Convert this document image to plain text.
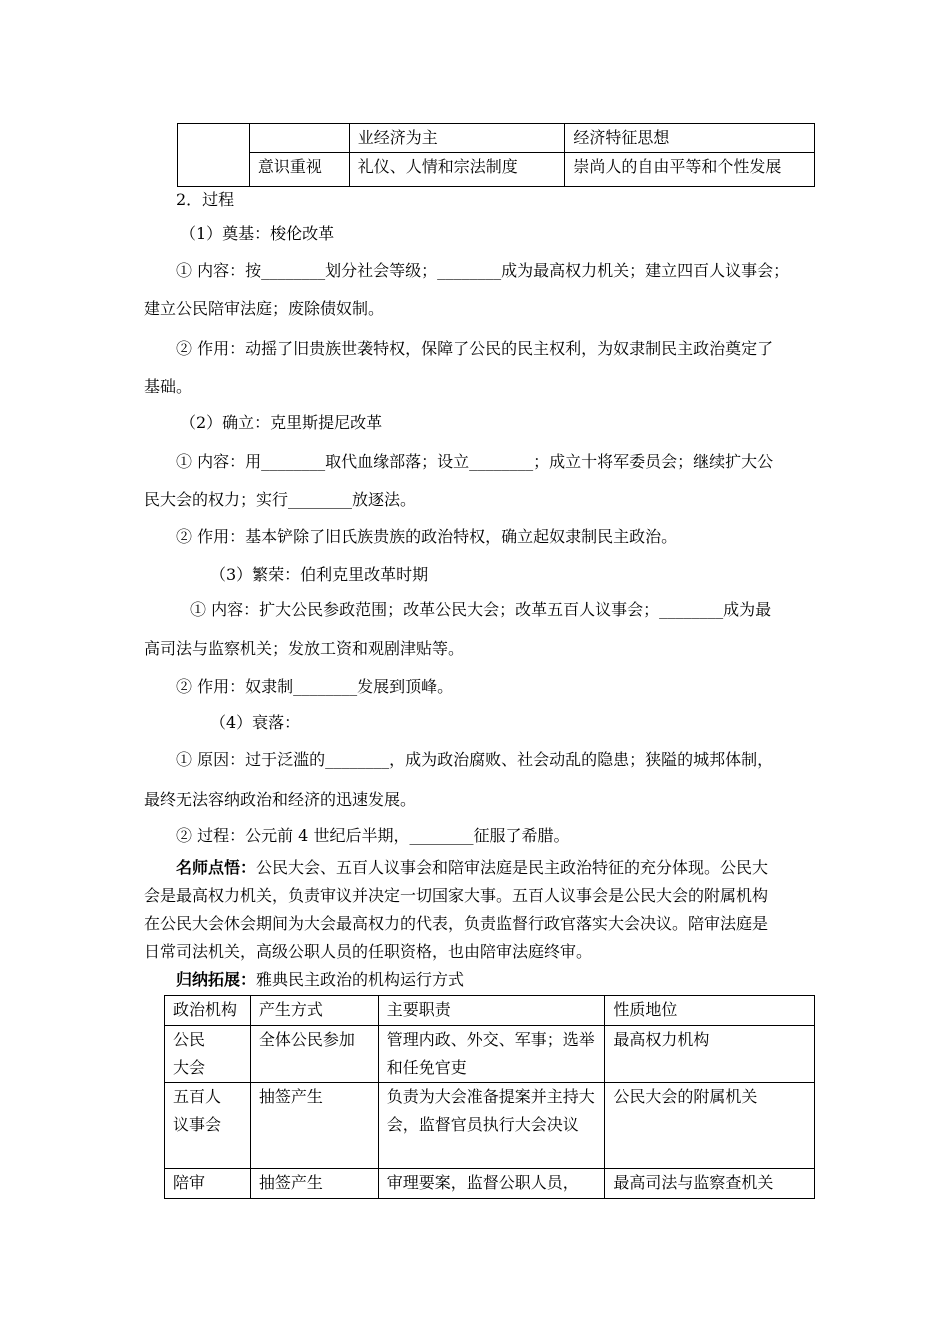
		业经济为主	经济特征思想
	意识重视	礼仪、人情和宗法制度	崇尚人的自由平等和个性发展
2．过程
（1）奠基：梭伦改革
① 内容：按________划分社会等级；________成为最高权力机关；建立四百人议事会；
建立公民陪审法庭；废除债奴制。
② 作用：动摇了旧贵族世袭特权，保障了公民的民主权利，为奴隶制民主政治奠定了
基础。
（2）确立：克里斯提尼改革
① 内容：用________取代血缘部落；设立________；成立十将军委员会；继续扩大公
民大会的权力；实行________放逐法。
② 作用：基本铲除了旧氏族贵族的政治特权，确立起奴隶制民主政治。
（3）繁荣：伯利克里改革时期
① 内容：扩大公民参政范围；改革公民大会；改革五百人议事会；________成为最
高司法与监察机关；发放工资和观剧津贴等。
② 作用：奴隶制________发展到顶峰。
（4）衰落：
① 原因：过于泛滥的________，成为政治腐败、社会动乱的隐患；狭隘的城邦体制，
最终无法容纳政治和经济的迅速发展。
② 过程：公元前 4 世纪后半期，________征服了希腊。
名师点悟：公民大会、五百人议事会和陪审法庭是民主政治特征的充分体现。公民大
会是最高权力机关，负责审议并决定一切国家大事。五百人议事会是公民大会的附属机构
在公民大会休会期间为大会最高权力的代表，负责监督行政官落实大会决议。陪审法庭是
日常司法机关，高级公职人员的任职资格，也由陪审法庭终审。
归纳拓展：雅典民主政治的机构运行方式
政治机构	产生方式	主要职责	性质地位
公民
大会	全体公民参加	管理内政、外交、军事；选举和任免官吏	最高权力机构
五百人
议事会	抽签产生	负责为大会准备提案并主持大会，监督官员执行大会决议	公民大会的附属机关
陪审	抽签产生	审理要案，监督公职人员，	最高司法与监察查机关
